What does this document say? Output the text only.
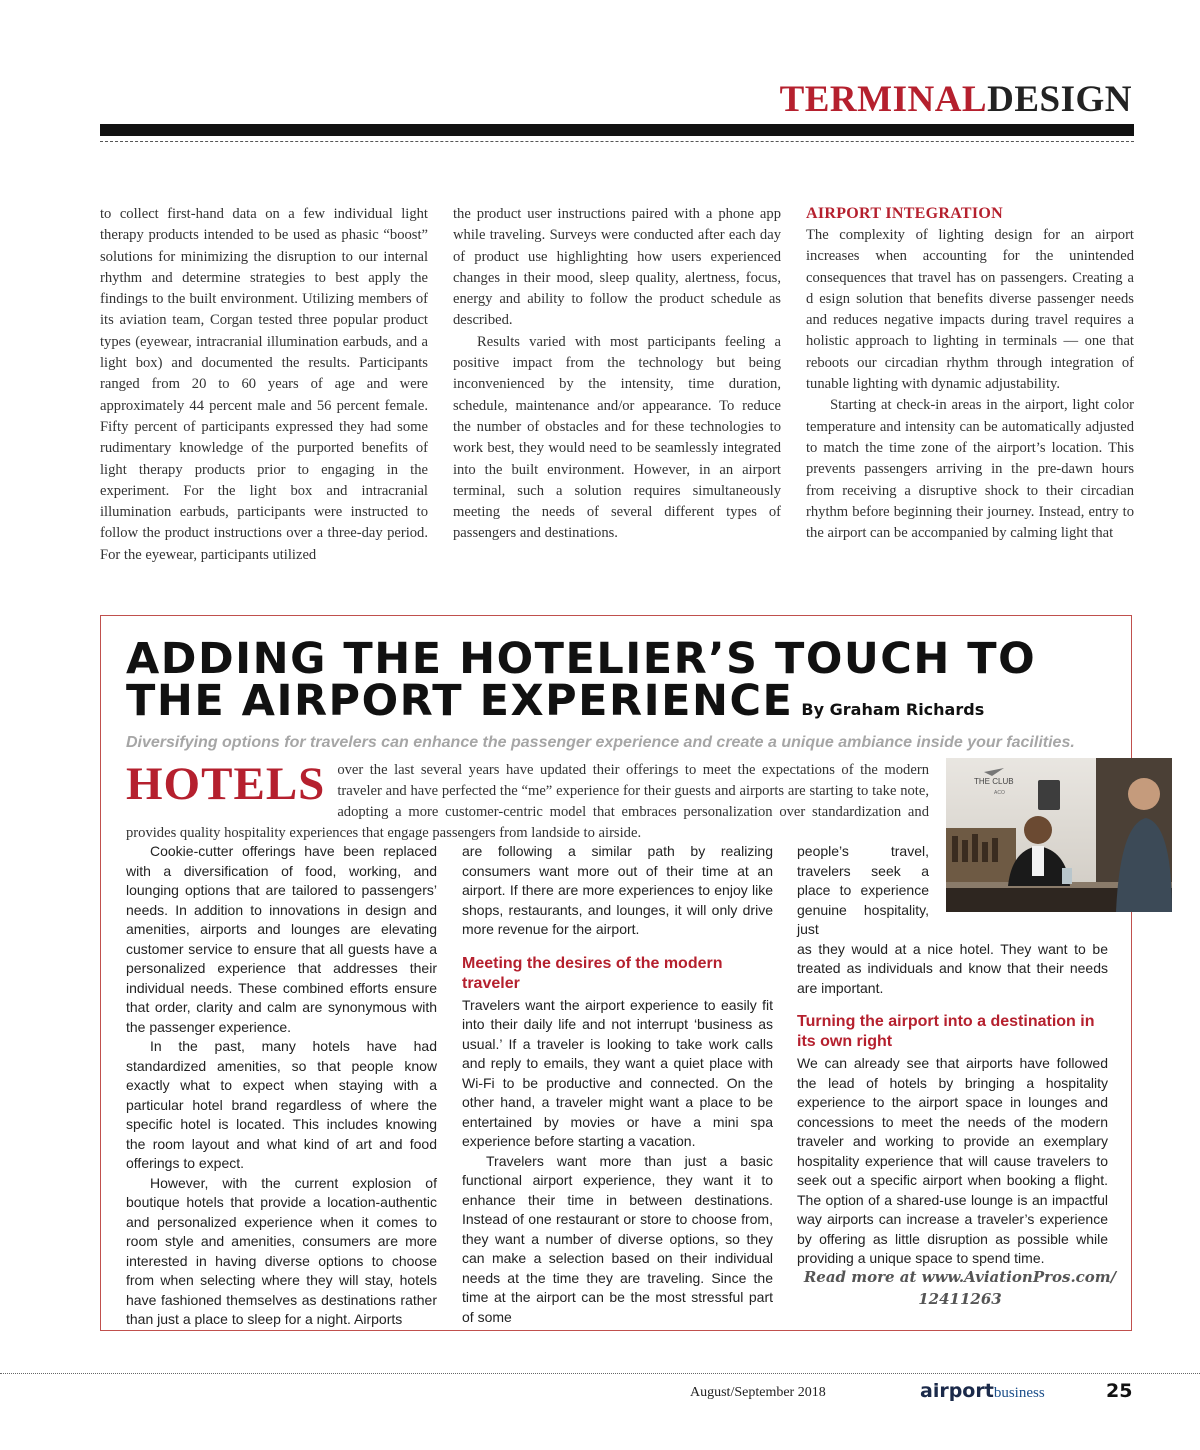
TERMINALDESIGN

to collect first-hand data on a few individual light therapy products intended to be used as phasic “boost” solutions for minimizing the disruption to our internal rhythm and determine strategies to best apply the findings to the built environment. Utilizing members of its aviation team, Corgan tested three popular product types (eyewear, intracranial illumination earbuds, and a light box) and documented the results. Participants ranged from 20 to 60 years of age and were approximately 44 percent male and 56 percent female. Fifty percent of participants expressed they had some rudimentary knowledge of the purported benefits of light therapy products prior to engaging in the experiment. For the light box and intracranial illumination earbuds, participants were instructed to follow the product instructions over a three-day period. For the eyewear, participants utilized

the product user instructions paired with a phone app while traveling. Surveys were conducted after each day of product use highlighting how users experienced changes in their mood, sleep quality, alertness, focus, energy and ability to follow the product schedule as described.

Results varied with most participants feeling a positive impact from the technology but being inconvenienced by the intensity, time duration, schedule, maintenance and/or appearance. To reduce the number of obstacles and for these technologies to work best, they would need to be seamlessly integrated into the built environment. However, in an airport terminal, such a solution requires simultaneously meeting the needs of several different types of passengers and destinations.

AIRPORT INTEGRATION

The complexity of lighting design for an airport increases when accounting for the unintended consequences that travel has on passengers. Creating a d esign solution that benefits diverse passenger needs and reduces negative impacts during travel requires a holistic approach to lighting in terminals — one that reboots our circadian rhythm through integration of tunable lighting with dynamic adjustability.

Starting at check-in areas in the airport, light color temperature and intensity can be automatically adjusted to match the time zone of the airport’s location. This prevents passengers arriving in the pre-dawn hours from receiving a disruptive shock to their circadian rhythm before beginning their journey. Instead, entry to the airport can be accompanied by calming light that

ADDING THE HOTELIER’S TOUCH TO THE AIRPORT EXPERIENCE By Graham Richards

Diversifying options for travelers can enhance the passenger experience and create a unique ambiance inside your facilities.

HOTELS over the last several years have updated their offerings to meet the expectations of the modern traveler and have perfected the “me” experience for their guests and airports are starting to take note, adopting a more customer-centric model that embraces personalization over standardization and provides quality hospitality experiences that engage passengers from landside to airside.

THE CLUB
ACO

Cookie-cutter offerings have been replaced with a diversification of food, working, and lounging options that are tailored to passengers’ needs. In addition to innovations in design and amenities, airports and lounges are elevating customer service to ensure that all guests have a personalized experience that addresses their individual needs. These combined efforts ensure that order, clarity and calm are synonymous with the passenger experience.

In the past, many hotels have had standardized amenities, so that people know exactly what to expect when staying with a particular hotel brand regardless of where the specific hotel is located. This includes knowing the room layout and what kind of art and food offerings to expect.

However, with the current explosion of boutique hotels that provide a location-authentic and personalized experience when it comes to room style and amenities, consumers are more interested in having diverse options to choose from when selecting where they will stay, hotels have fashioned themselves as destinations rather than just a place to sleep for a night. Airports

are following a similar path by realizing consumers want more out of their time at an airport. If there are more experiences to enjoy like shops, restaurants, and lounges, it will only drive more revenue for the airport.

Meeting the desires of the modern traveler

Travelers want the airport experience to easily fit into their daily life and not interrupt ‘business as usual.’ If a traveler is looking to take work calls and reply to emails, they want a quiet place with Wi-Fi to be productive and connected. On the other hand, a traveler might want a place to be entertained by movies or have a mini spa experience before starting a vacation.

Travelers want more than just a basic functional airport experience, they want it to enhance their time in between destinations. Instead of one restaurant or store to choose from, they want a number of diverse options, so they can make a selection based on their individual needs at the time they are traveling. Since the time at the airport can be the most stressful part of some

people’s travel, travelers seek a place to experience genuine hospitality, just

as they would at a nice hotel. They want to be treated as individuals and know that their needs are important.

Turning the airport into a destination in its own right

We can already see that airports have followed the lead of hotels by bringing a hospitality experience to the airport space in lounges and concessions to meet the needs of the modern traveler and working to provide an exemplary hospitality experience that will cause travelers to seek out a specific airport when booking a flight. The option of a shared-use lounge is an impactful way airports can increase a traveler’s experience by offering as little disruption as possible while providing a unique space to spend time.

Read more at www.AviationPros.com/ 12411263

August/September 2018	airportbusiness	25
